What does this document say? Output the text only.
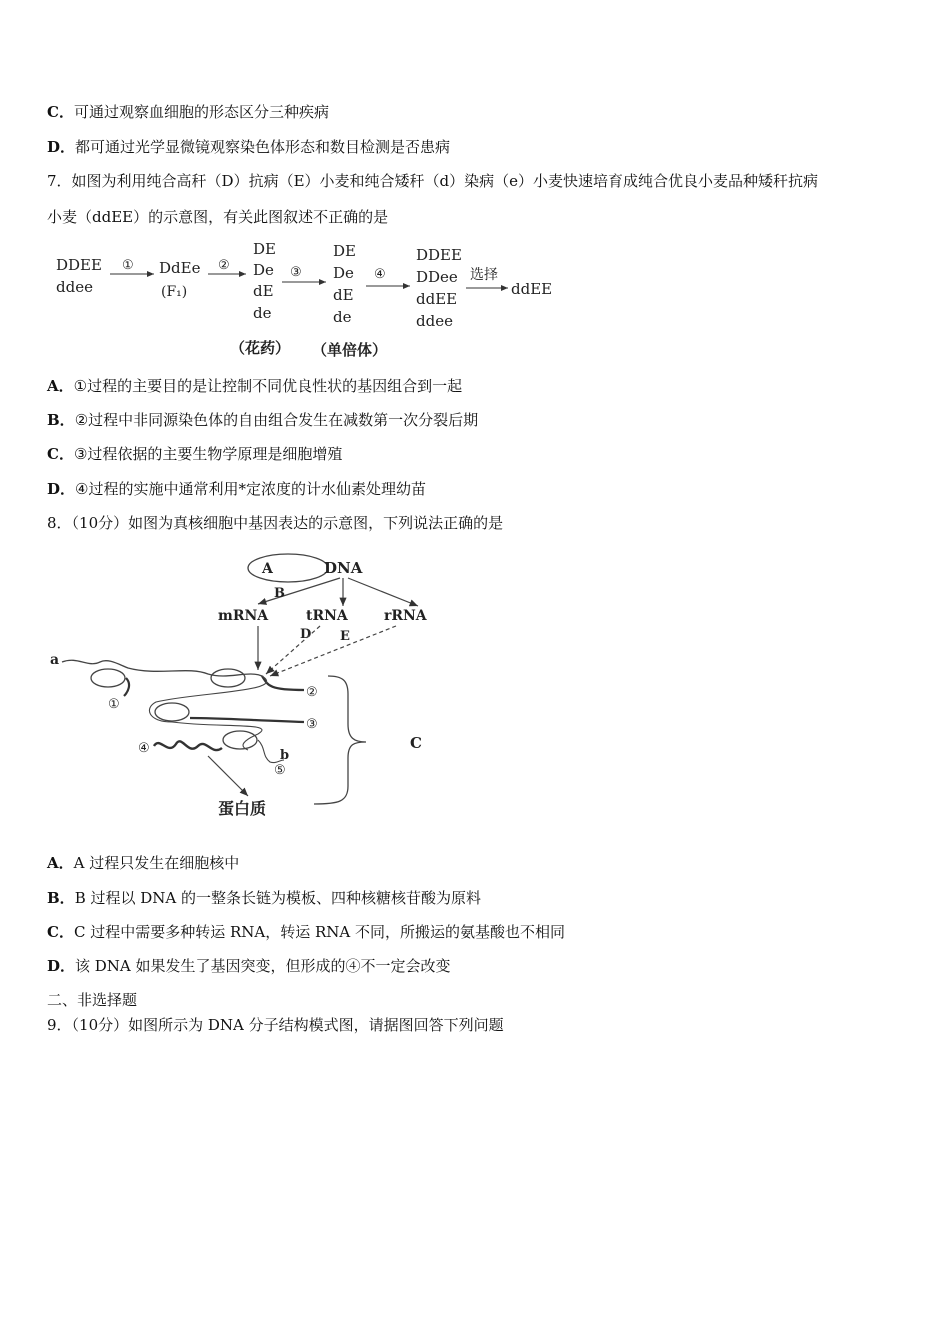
C．可通过观察血细胞的形态区分三种疾病
D．都可通过光学显微镜观察染色体形态和数目检测是否患病
7．如图为利用纯合高秆（D）抗病（E）小麦和纯合矮秆（d）染病（e）小麦快速培育成纯合优良小麦品种矮秆抗病
小麦（ddEE）的示意图，有关此图叙述不正确的是
DDEE
ddee
① DdEe
(F₁)
②
DE
De
dE
de
③
DE
De
dE
de
④
DDEE
DDee
ddEE
ddee
选择
ddEE
（花药） （单倍体）
A．①过程的主要目的是让控制不同优良性状的基因组合到一起
B．②过程中非同源染色体的自由组合发生在减数第一次分裂后期
C．③过程依据的主要生物学原理是细胞增殖
D．④过程的实施中通常利用*定浓度的计水仙素处理幼苗
8．（10分）如图为真核细胞中基因表达的示意图，下列说法正确的是
A	DNA
B
mRNA	tRNA	rRNA
D E
a
①
②
③
④	b
⑤
蛋白质
C
A．A 过程只发生在细胞核中
B．B 过程以 DNA 的一整条长链为模板、四种核糖核苷酸为原料
C．C 过程中需要多种转运 RNA，转运 RNA 不同，所搬运的氨基酸也不相同
D．该 DNA 如果发生了基因突变，但形成的④不一定会改变
二、非选择题
9．（10分）如图所示为 DNA 分子结构模式图，请据图回答下列问题
